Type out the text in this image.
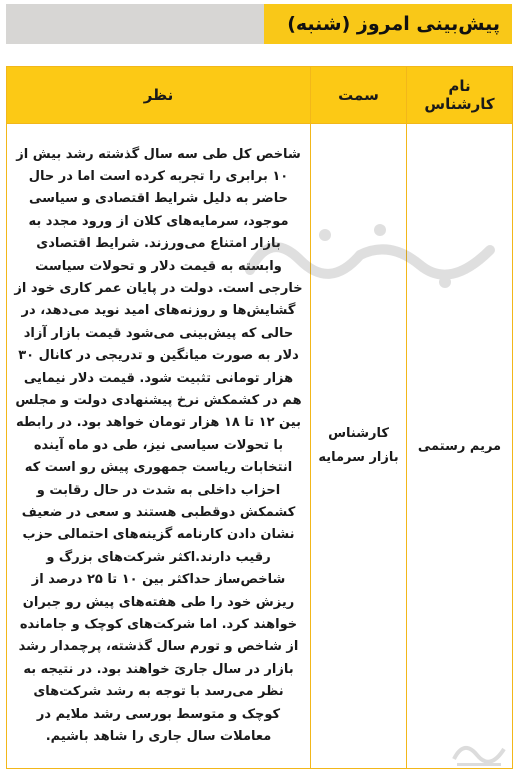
پیش‌بینی امروز (شنبه)
نام کارشناس	سمت	نظر
مریم رستمی	کارشناس بازار سرمایه	شاخص کل طی سه سال گذشته رشد بیش از ۱۰ برابری را تجربه کرده است اما در حال حاضر به دلیل شرایط اقتصادی و سیاسی موجود، سرمایه‌های کلان از ورود مجدد به بازار امتناع می‌ورزند. شرایط اقتصادی وابسته به قیمت دلار و تحولات سیاست خارجی است. دولت در پایان عمر کاری خود از گشایش‌ها و روزنه‌های امید نوید می‌دهد، در حالی که پیش‌بینی می‌شود قیمت بازار آزاد دلار به صورت میانگین و تدریجی در کانال ۳۰ هزار تومانی تثبیت شود. قیمت دلار نیمایی هم در کشمکش نرخ پیشنهادی دولت و مجلس بین ۱۲ تا ۱۸ هزار تومان خواهد بود. در رابطه با تحولات سیاسی نیز، طی دو ماه آینده انتخابات ریاست جمهوری پیش رو است که احزاب داخلی به شدت در حال رقابت و کشمکش دوقطبی هستند و سعی در ضعیف نشان دادن کارنامه گزینه‌های احتمالی حزب رقیب دارند.اکثر شرکت‌های بزرگ و شاخص‌ساز حداکثر بین ۱۰ تا ۲۵ درصد از ریزش خود را طی هفته‌های پیش رو جبران خواهند کرد. اما شرکت‌های کوچک و جامانده از شاخص و تورم سال گذشته، پرچمدار رشد بازار در سال جاریَ خواهند بود. در نتیجه به نظر می‌رسد با توجه به رشد شرکت‌های کوچک و متوسط بورسی رشد ملایم در معاملات سال جاری را شاهد باشیم.
